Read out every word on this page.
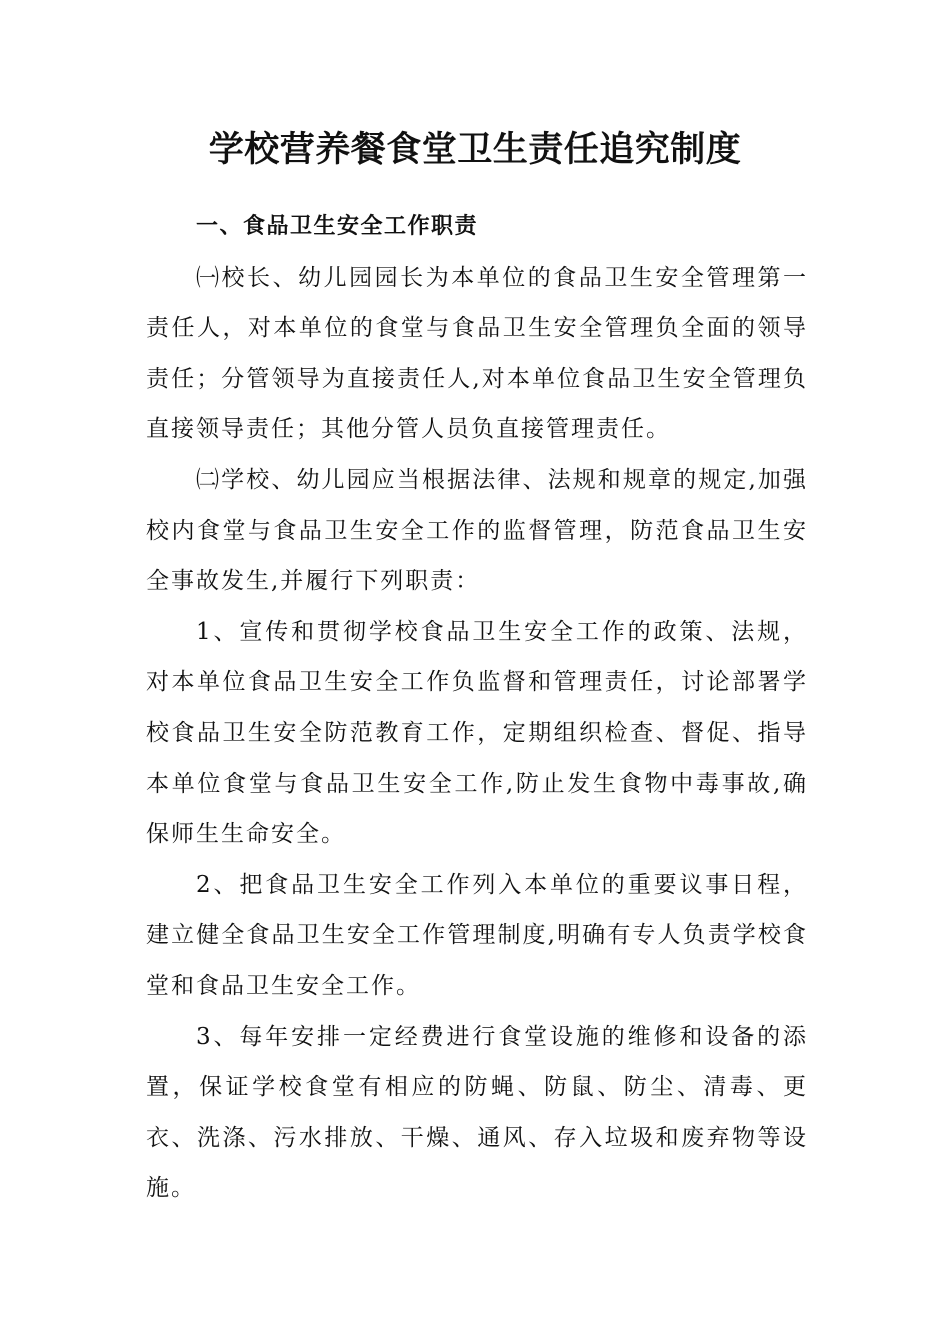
学校营养餐食堂卫生责任追究制度

一、食品卫生安全工作职责

㈠校长、幼儿园园长为本单位的食品卫生安全管理第一责任人，对本单位的食堂与食品卫生安全管理负全面的领导责任；分管领导为直接责任人,对本单位食品卫生安全管理负直接领导责任；其他分管人员负直接管理责任。

㈡学校、幼儿园应当根据法律、法规和规章的规定,加强校内食堂与食品卫生安全工作的监督管理，防范食品卫生安全事故发生,并履行下列职责：

1、宣传和贯彻学校食品卫生安全工作的政策、法规，对本单位食品卫生安全工作负监督和管理责任，讨论部署学校食品卫生安全防范教育工作，定期组织检查、督促、指导本单位食堂与食品卫生安全工作,防止发生食物中毒事故,确保师生生命安全。

2、把食品卫生安全工作列入本单位的重要议事日程，建立健全食品卫生安全工作管理制度,明确有专人负责学校食堂和食品卫生安全工作。

3、每年安排一定经费进行食堂设施的维修和设备的添置，保证学校食堂有相应的防蝇、防鼠、防尘、清毒、更衣、洗涤、污水排放、干燥、通风、存入垃圾和废弃物等设施。
